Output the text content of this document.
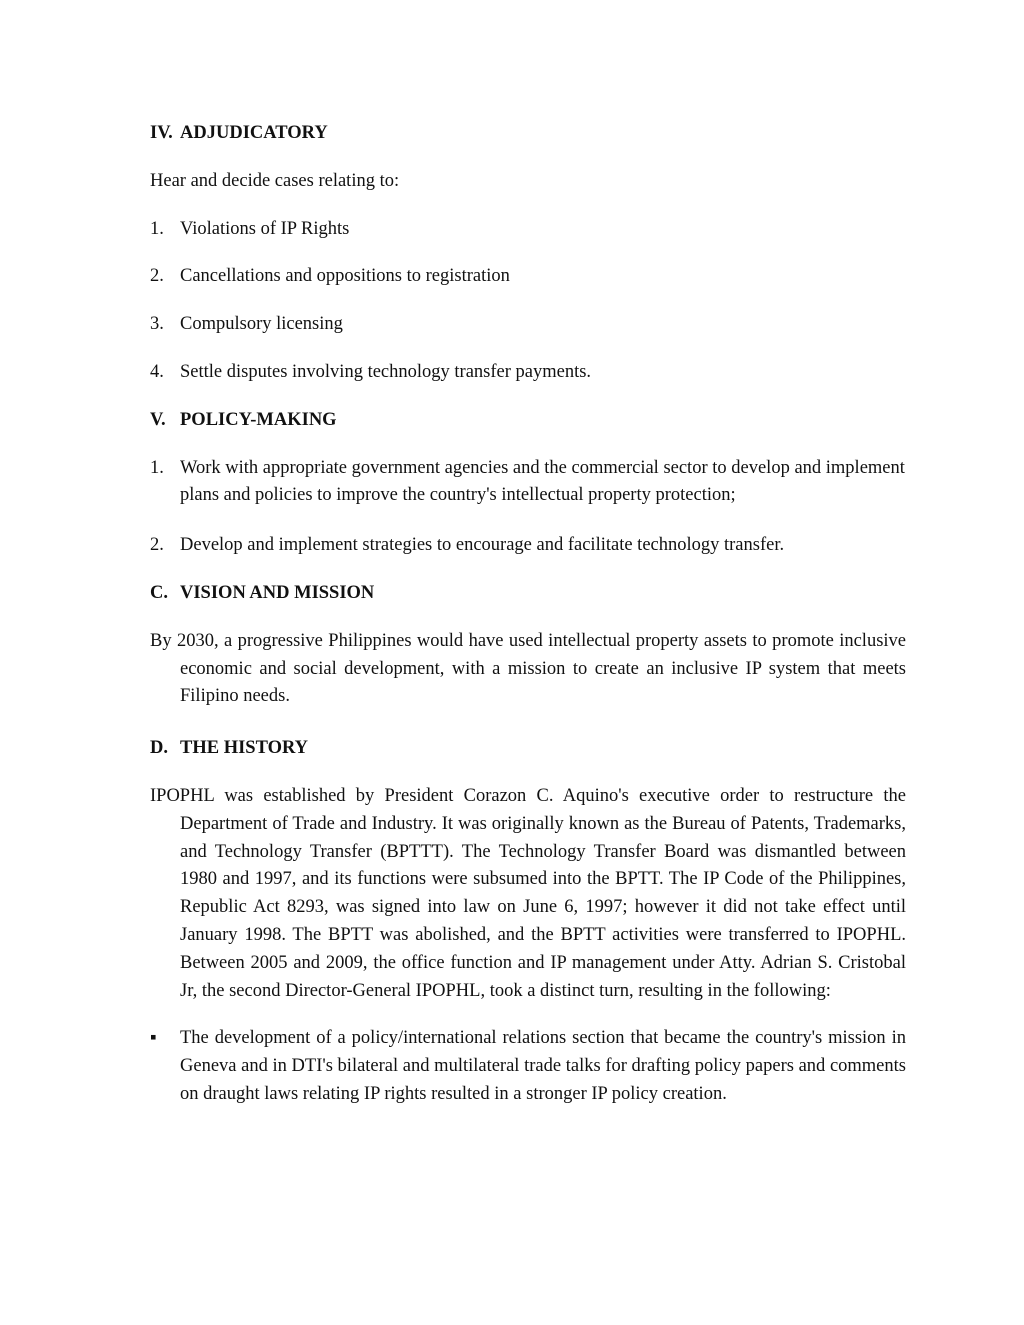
IV. ADJUDICATORY
Hear and decide cases relating to:
1. Violations of IP Rights
2. Cancellations and oppositions to registration
3. Compulsory licensing
4. Settle disputes involving technology transfer payments.
V. POLICY-MAKING
1. Work with appropriate government agencies and the commercial sector to develop and implement plans and policies to improve the country's intellectual property protection;
2. Develop and implement strategies to encourage and facilitate technology transfer.
C. VISION AND MISSION
By 2030, a progressive Philippines would have used intellectual property assets to promote inclusive economic and social development, with a mission to create an inclusive IP system that meets Filipino needs.
D. THE HISTORY
IPOPHL was established by President Corazon C. Aquino's executive order to restructure the Department of Trade and Industry. It was originally known as the Bureau of Patents, Trademarks, and Technology Transfer (BPTTT). The Technology Transfer Board was dismantled between 1980 and 1997, and its functions were subsumed into the BPTT. The IP Code of the Philippines, Republic Act 8293, was signed into law on June 6, 1997; however it did not take effect until January 1998. The BPTT was abolished, and the BPTT activities were transferred to IPOPHL. Between 2005 and 2009, the office function and IP management under Atty. Adrian S. Cristobal Jr, the second Director-General IPOPHL, took a distinct turn, resulting in the following:
▪	The development of a policy/international relations section that became the country's mission in Geneva and in DTI's bilateral and multilateral trade talks for drafting policy papers and comments on draught laws relating IP rights resulted in a stronger IP policy creation.
